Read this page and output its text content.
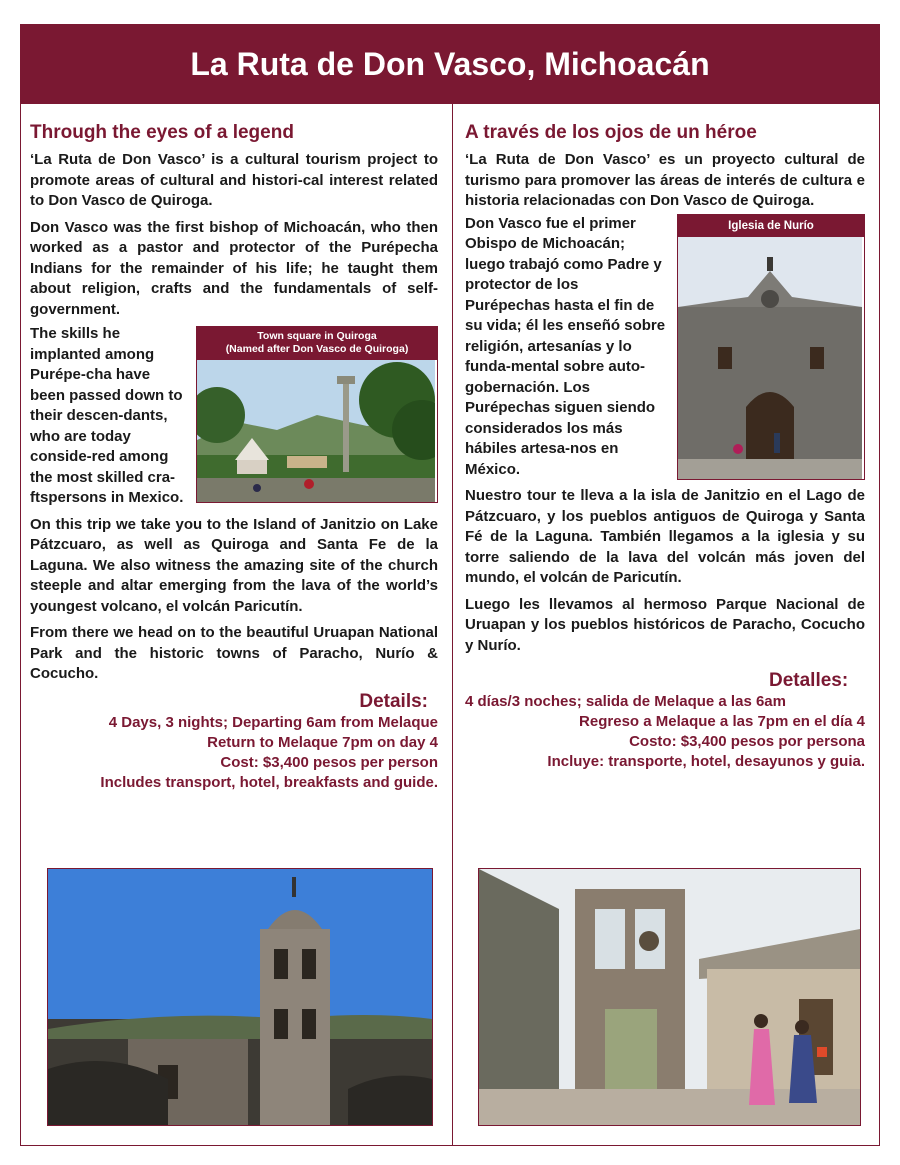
La Ruta de Don Vasco, Michoacán
Through the eyes of a legend

‘La Ruta de Don Vasco’ is a cultural tourism project to promote areas of cultural and histori-cal interest related to Don Vasco de Quiroga.

Don Vasco was the first bishop of Michoacán, who then worked as a pastor and protector of the Purépecha Indians for the remainder of his life; he taught them about religion, crafts and the fundamentals of self-government.

Town square in Quiroga
(Named after Don Vasco de Quiroga)

The skills he implanted among Purépe-cha have been passed down to their descen-dants, who are today conside-red among the most skilled cra-ftspersons in Mexico.

On this trip we take you to the Island of Janitzio on Lake Pátzcuaro, as well as Quiroga and Santa Fe de la Laguna. We also witness the amazing site of the church steeple and altar emerging from the lava of the world’s youngest volcano, el volcán Paricutín.

From there we head on to the beautiful Uruapan National Park and the historic towns of Paracho, Nurío & Cocucho.

Details:
4 Days, 3 nights; Departing 6am from Melaque
Return to Melaque 7pm on day 4
Cost: $3,400 pesos per person
Includes transport, hotel, breakfasts and guide.
A través de los ojos de un héroe

‘La Ruta de Don Vasco’ es un proyecto cultural de turismo para promover las áreas de interés de cultura e historia relacionadas con Don Vasco de Quiroga.

Iglesia de Nurío

Don Vasco fue el primer Obispo de Michoacán; luego trabajó como Padre y protector de los Purépechas hasta el fin de su vida; él les enseñó sobre religión, artesanías y lo funda-mental sobre auto-gobernación. Los Purépechas siguen siendo considerados los más hábiles artesa-nos en México.

Nuestro tour te lleva a la isla de Janitzio en el Lago de Pátzcuaro, y los pueblos antiguos de Quiroga y Santa Fé de la Laguna. También llegamos a la iglesia y su torre saliendo de la lava del volcán más joven del mundo, el volcán de Paricutín.

Luego les llevamos al hermoso Parque Nacional de Uruapan y los pueblos históricos de Paracho, Cocucho y Nurío.

Detalles:
4 días/3 noches; salida de Melaque a las 6am
Regreso a Melaque a las 7pm en el día 4
Costo: $3,400 pesos por persona
Incluye: transporte, hotel, desayunos y guia.
